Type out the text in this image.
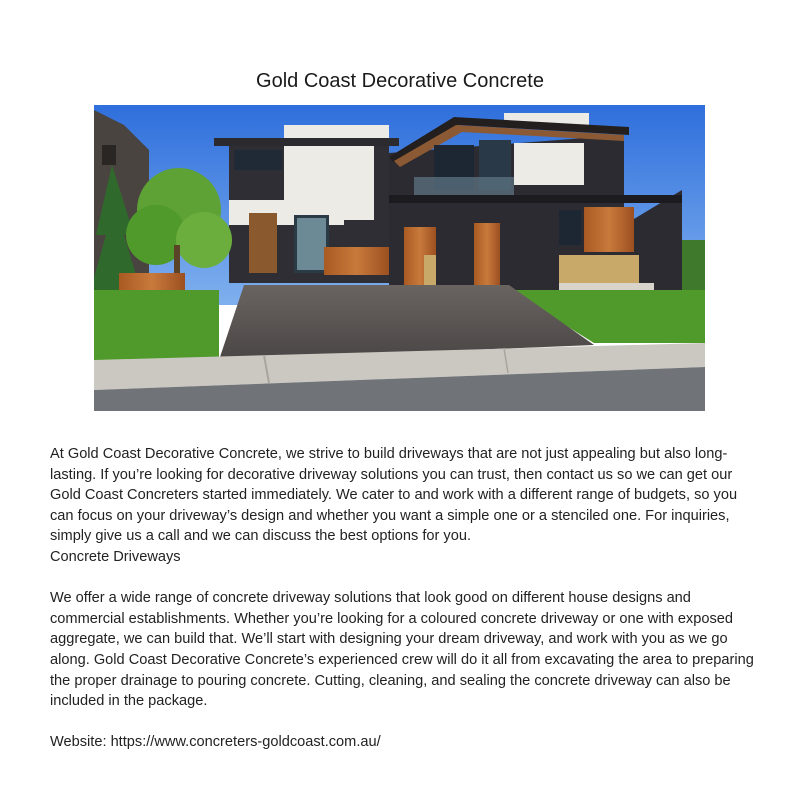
Gold Coast Decorative Concrete

At Gold Coast Decorative Concrete, we strive to build driveways that are not just appealing but also long-lasting. If you’re looking for decorative driveway solutions you can trust, then contact us so we can get our Gold Coast Concreters started immediately. We cater to and work with a different range of budgets, so you can focus on your driveway’s design and whether you want a simple one or a stenciled one. For inquiries, simply give us a call and we can discuss the best options for you.
Concrete Driveways

We offer a wide range of concrete driveway solutions that look good on different house designs and commercial establishments. Whether you’re looking for a coloured concrete driveway or one with exposed aggregate, we can build that. We’ll start with designing your dream driveway, and work with you as we go along. Gold Coast Decorative Concrete’s experienced crew will do it all from excavating the area to preparing the proper drainage to pouring concrete. Cutting, cleaning, and sealing the concrete driveway can also be included in the package.

Website: https://www.concreters-goldcoast.com.au/
